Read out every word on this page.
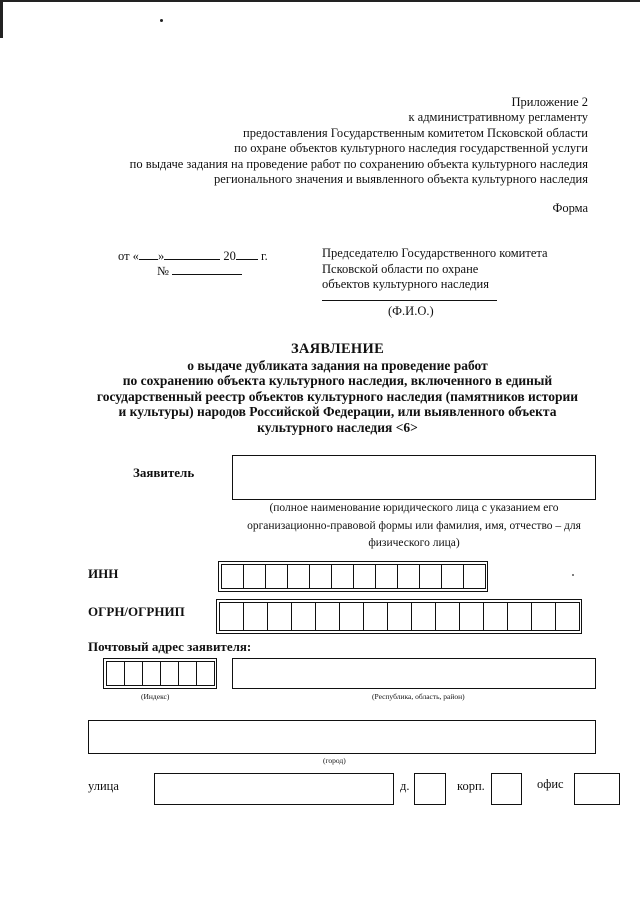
Приложение 2
к административному регламенту
предоставления Государственным комитетом Псковской области
по охране объектов культурного наследия государственной услуги
по выдаче задания на проведение работ по сохранению объекта культурного наследия
регионального значения и выявленного объекта культурного наследия
Форма
от « »	20 г.
№
Председателю Государственного комитета
Псковской области по охране
объектов культурного наследия
(Ф.И.О.)
ЗАЯВЛЕНИЕ
о выдаче дубликата задания на проведение работ
по сохранению объекта культурного наследия, включенного в единый
государственный реестр объектов культурного наследия (памятников истории
и культуры) народов Российской Федерации, или выявленного объекта
культурного наследия <6>
Заявитель
(полное наименование юридического лица с указанием его
организационно-правовой формы или фамилия, имя, отчество – для
физического лица)
ИНН
ОГРН/ОГРНИП
Почтовый адрес заявителя:
(Индекс)	(Республика, область, район)
(город)
улица	д.	корп.	офис
